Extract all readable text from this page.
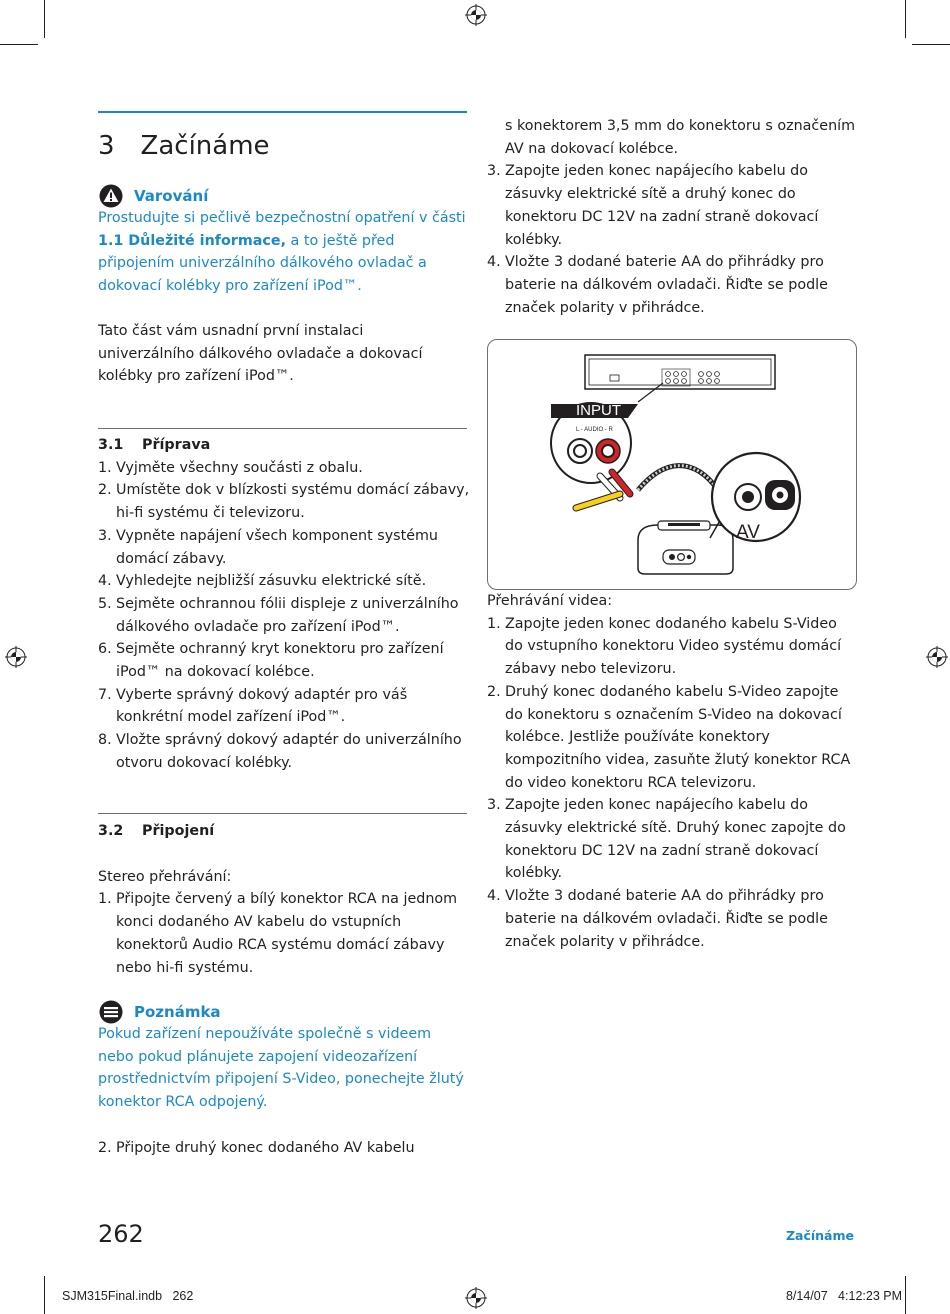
3 Začínáme
Varování

Prostudujte si pečlivě bezpečnostní opatření v části 1.1 Důležité informace, a to ještě před připojením univerzálního dálkového ovladač a dokovací kolébky pro zařízení iPod™.

Tato část vám usnadní první instalaci univerzálního dálkového ovladače a dokovací kolébky pro zařízení iPod™.

3.1 Příprava
1. Vyjměte všechny součásti z obalu.
2. Umístěte dok v blízkosti systému domácí zábavy, hi-fi systému či televizoru.
3. Vypněte napájení všech komponent systému domácí zábavy.
4. Vyhledejte nejbližší zásuvku elektrické sítě.
5. Sejměte ochrannou fólii displeje z univerzálního dálkového ovladače pro zařízení iPod™.
6. Sejměte ochranný kryt konektoru pro zařízení iPod™ na dokovací kolébce.
7. Vyberte správný dokový adaptér pro váš konkrétní model zařízení iPod™.
8. Vložte správný dokový adaptér do univerzálního otvoru dokovací kolébky.
3.2 Připojení
Stereo přehrávání:
1. Připojte červený a bílý konektor RCA na jednom konci dodaného AV kabelu do vstupních konektorů Audio RCA systému domácí zábavy nebo hi-fi systému.
Poznámka

Pokud zařízení nepoužíváte společně s videem nebo pokud plánujete zapojení videozařízení prostřednictvím připojení S-Video, ponechejte žlutý konektor RCA odpojený.

2. Připojte druhý konec dodaného AV kabelu

s konektorem 3,5 mm do konektoru s označením AV na dokovací kolébce.

3. Zapojte jeden konec napájecího kabelu do zásuvky elektrické sítě a druhý konec do konektoru DC 12V na zadní straně dokovací kolébky.
4. Vložte 3 dodané baterie AA do přihrádky pro baterie na dálkovém ovladači. Řiďte se podle značek polarity v přihrádce.
INPUT
L - AUDIO - R
AV
Přehrávání videa:
1. Zapojte jeden konec dodaného kabelu S-Video do vstupního konektoru Video systému domácí zábavy nebo televizoru.
2. Druhý konec dodaného kabelu S-Video zapojte do konektoru s označením S-Video na dokovací kolébce. Jestliže používáte konektory kompozitního videa, zasuňte žlutý konektor RCA do video konektoru RCA televizoru.
3. Zapojte jeden konec napájecího kabelu do zásuvky elektrické sítě. Druhý konec zapojte do konektoru DC 12V na zadní straně dokovací kolébky.
4. Vložte 3 dodané baterie AA do přihrádky pro baterie na dálkovém ovladači. Řiďte se podle značek polarity v přihrádce.
262	Začínáme
SJM315Final.indb   262	8/14/07   4:12:23 PM
